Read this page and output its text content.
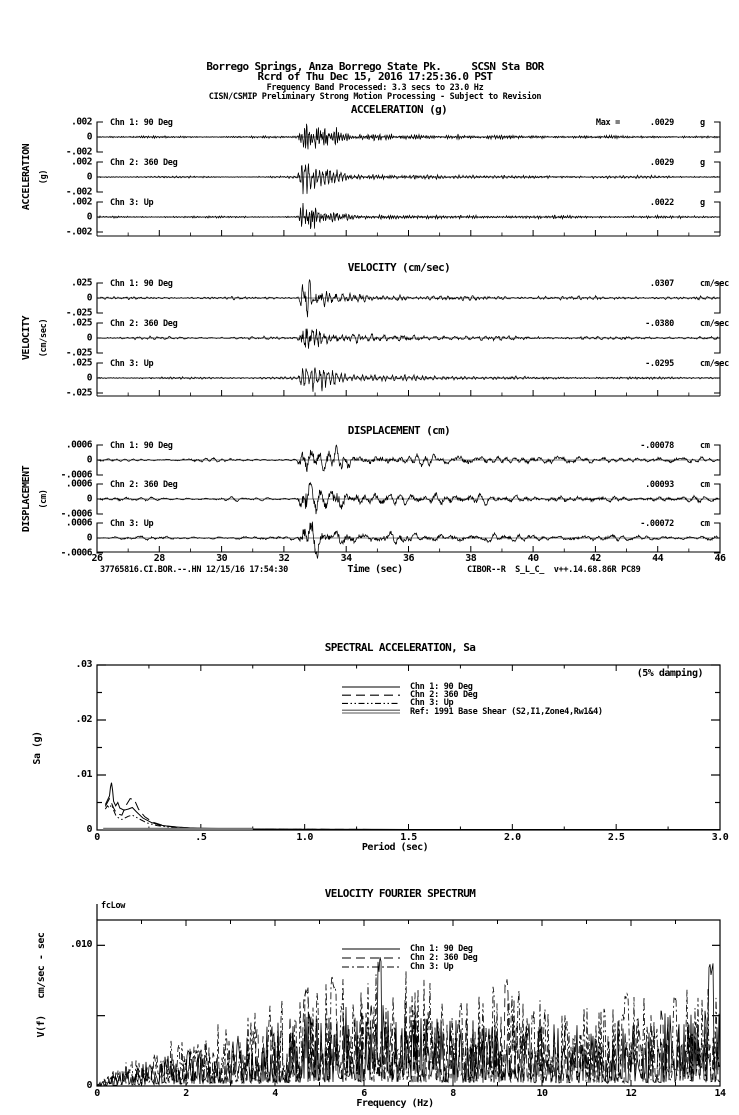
Borrego Springs, Anza Borrego State Pk.     SCSN Sta BOR
Rcrd of Thu Dec 15, 2016 17:25:36.0 PST
Frequency Band Processed: 3.3 secs to 23.0 Hz
CISN/CSMIP Preliminary Strong Motion Processing - Subject to Revision
ACCELERATION (g)
VELOCITY (cm/sec)
DISPLACEMENT (cm)
ACCELERATION (g)
VELOCITY (cm/sec)
DISPLACEMENT (cm)
37765816.CI.BOR.--.HN 12/15/16 17:54:30	Time (sec)	CIBOR--R  S_L_C_  v++.14.68.86R PC89
SPECTRAL ACCELERATION, Sa
(5% damping)
Sa (g)
Period (sec)
VELOCITY FOURIER SPECTRUM
fcLow
V(f)   cm/sec - sec
Frequency (Hz)
.002
0
-.002
Chn 1: 90 Deg	Max =	.0029	g
.002
0
-.002
Chn 2: 360 Deg	.0029	g
.002
0
-.002
Chn 3: Up	.0022	g
.025
0
-.025
Chn 1: 90 Deg	.0307	cm/sec
.025
0
-.025
Chn 2: 360 Deg	-.0380	cm/sec
.025
0
-.025
Chn 3: Up	-.0295	cm/sec
.0006
0
-.0006
Chn 1: 90 Deg	-.00078	cm
.0006
0
-.0006
Chn 2: 360 Deg	.00093	cm
.0006
0
-.0006
Chn 3: Up	-.00072	cm
26	28	30	32	34	36	38	40	42	44	46
0
.01
.02
.03
0	.5	1.0	1.5	2.0	2.5	3.0
Chn 1: 90 Deg
Chn 2: 360 Deg
Chn 3: Up
Ref: 1991 Base Shear (S2,I1,Zone4,Rw1&4)
0	2	4	6	8	10	12	14
0
.010	Chn 1: 90 Deg
Chn 2: 360 Deg
Chn 3: Up
